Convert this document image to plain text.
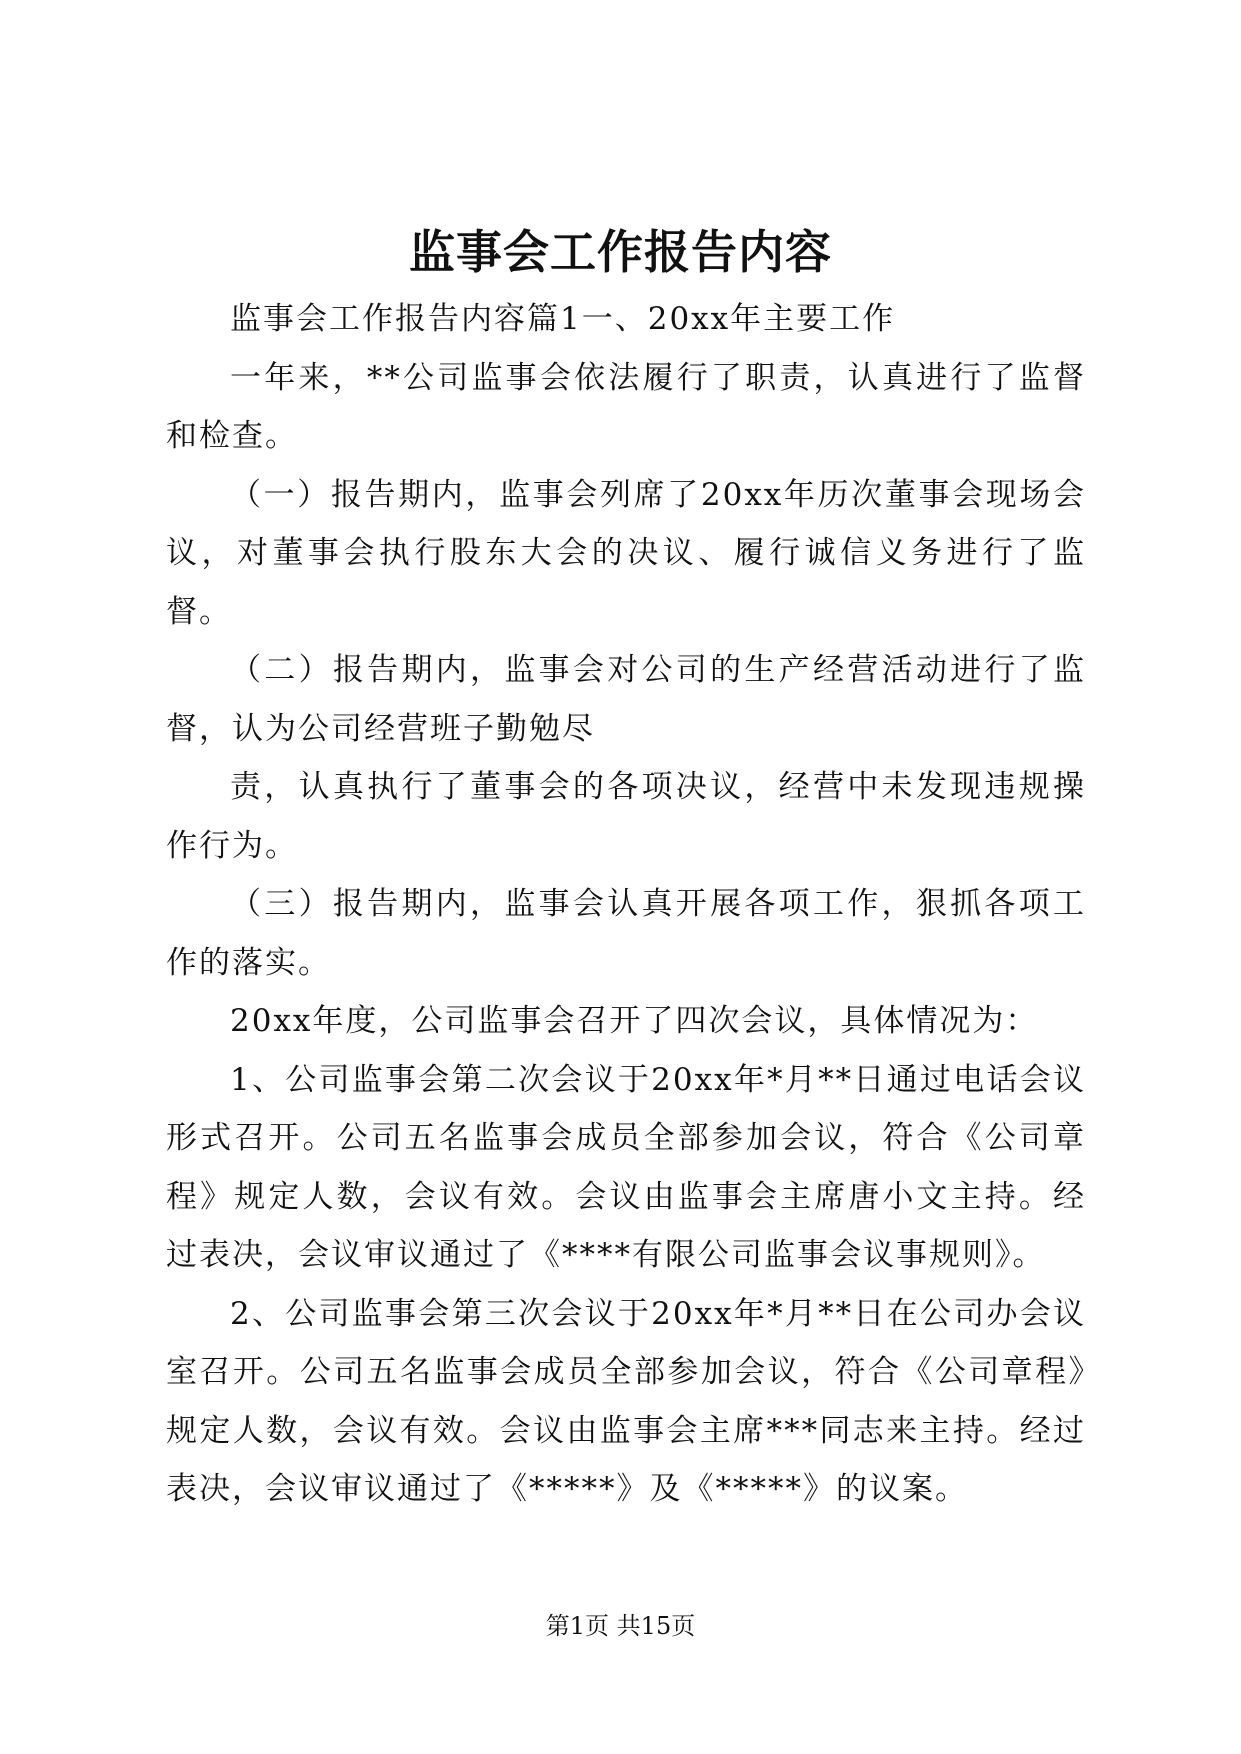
监事会工作报告内容

监事会工作报告内容篇1一、20xx年主要工作

一年来，**公司监事会依法履行了职责，认真进行了监督和检查。

（一）报告期内，监事会列席了20xx年历次董事会现场会议，对董事会执行股东大会的决议、履行诚信义务进行了监督。

（二）报告期内，监事会对公司的生产经营活动进行了监督，认为公司经营班子勤勉尽

责，认真执行了董事会的各项决议，经营中未发现违规操作行为。

（三）报告期内，监事会认真开展各项工作，狠抓各项工作的落实。

20xx年度，公司监事会召开了四次会议，具体情况为：

1、公司监事会第二次会议于20xx年*月**日通过电话会议形式召开。公司五名监事会成员全部参加会议，符合《公司章程》规定人数，会议有效。会议由监事会主席唐小文主持。经过表决，会议审议通过了《****有限公司监事会议事规则》。

2、公司监事会第三次会议于20xx年*月**日在公司办会议室召开。公司五名监事会成员全部参加会议，符合《公司章程》规定人数，会议有效。会议由监事会主席***同志来主持。经过表决，会议审议通过了《*****》及《*****》的议案。

第1页 共15页
